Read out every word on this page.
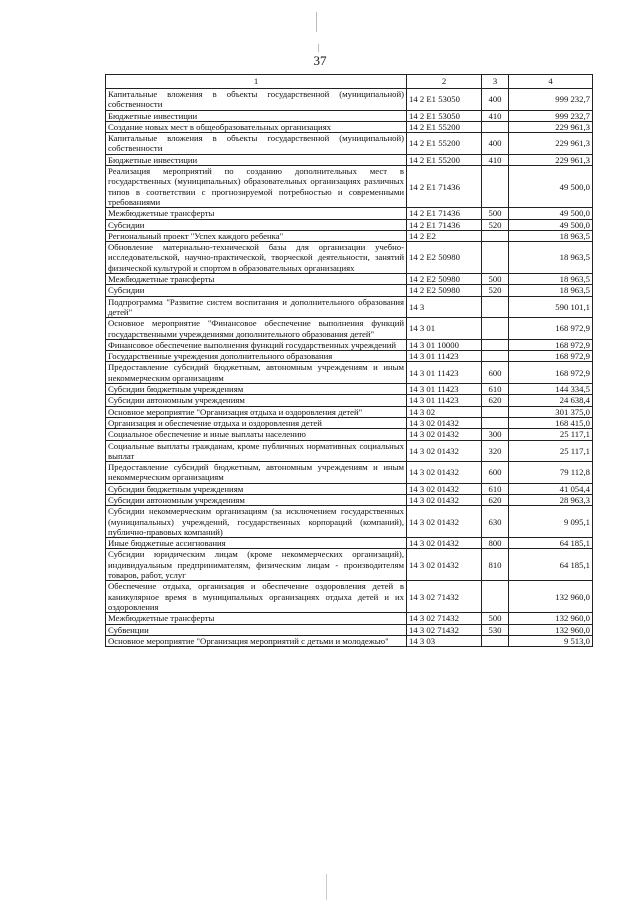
37
1	2	3	4
Капитальные вложения в объекты государственной (муниципальной) собственности	14 2 E1 53050	400	999 232,7
Бюджетные инвестиции	14 2 E1 53050	410	999 232,7
Создание новых мест в общеобразовательных организациях	14 2 E1 55200		229 961,3
Капитальные вложения в объекты государственной (муниципальной) собственности	14 2 E1 55200	400	229 961,3
Бюджетные инвестиции	14 2 E1 55200	410	229 961,3
Реализация мероприятий по созданию дополнительных мест в государственных (муниципальных) образовательных организациях различных типов в соответствии с прогнозируемой потребностью и современными требованиями	14 2 E1 71436		49 500,0
Межбюджетные трансферты	14 2 E1 71436	500	49 500,0
Субсидии	14 2 E1 71436	520	49 500,0
Региональный проект "Успех каждого ребенка"	14 2 E2		18 963,5
Обновление материально-технической базы для организации учебно-исследовательской, научно-практической, творческой деятельности, занятий физической культурой и спортом в образовательных организациях	14 2 E2 50980		18 963,5
Межбюджетные трансферты	14 2 E2 50980	500	18 963,5
Субсидии	14 2 E2 50980	520	18 963,5
Подпрограмма "Развитие систем воспитания и дополнительного образования детей"	14 3		590 101,1
Основное мероприятие "Финансовое обеспечение выполнения функций государственными учреждениями дополнительного образования детей"	14 3 01		168 972,9
Финансовое обеспечение выполнения функций государственных учреждений	14 3 01 10000		168 972,9
Государственные учреждения дополнительного образования	14 3 01 11423		168 972,9
Предоставление субсидий бюджетным, автономным учреждениям и иным некоммерческим организациям	14 3 01 11423	600	168 972,9
Субсидии бюджетным учреждениям	14 3 01 11423	610	144 334,5
Субсидии автономным учреждениям	14 3 01 11423	620	24 638,4
Основное мероприятие "Организация отдыха и оздоровления детей"	14 3 02		301 375,0
Организация и обеспечение отдыха и оздоровления детей	14 3 02 01432		168 415,0
Социальное обеспечение и иные выплаты населению	14 3 02 01432	300	25 117,1
Социальные выплаты гражданам, кроме публичных нормативных социальных выплат	14 3 02 01432	320	25 117,1
Предоставление субсидий бюджетным, автономным учреждениям и иным некоммерческим организациям	14 3 02 01432	600	79 112,8
Субсидии бюджетным учреждениям	14 3 02 01432	610	41 054,4
Субсидии автономным учреждениям	14 3 02 01432	620	28 963,3
Субсидии некоммерческим организациям (за исключением государственных (муниципальных) учреждений, государственных корпораций (компаний), публично-правовых компаний)	14 3 02 01432	630	9 095,1
Иные бюджетные ассигнования	14 3 02 01432	800	64 185,1
Субсидии юридическим лицам (кроме некоммерческих организаций), индивидуальным предпринимателям, физическим лицам - производителям товаров, работ, услуг	14 3 02 01432	810	64 185,1
Обеспечение отдыха, организация и обеспечение оздоровления детей в каникулярное время в муниципальных организациях отдыха детей и их оздоровления	14 3 02 71432		132 960,0
Межбюджетные трансферты	14 3 02 71432	500	132 960,0
Субвенции	14 3 02 71432	530	132 960,0
Основное мероприятие "Организация мероприятий с детьми и молодежью"	14 3 03		9 513,0
